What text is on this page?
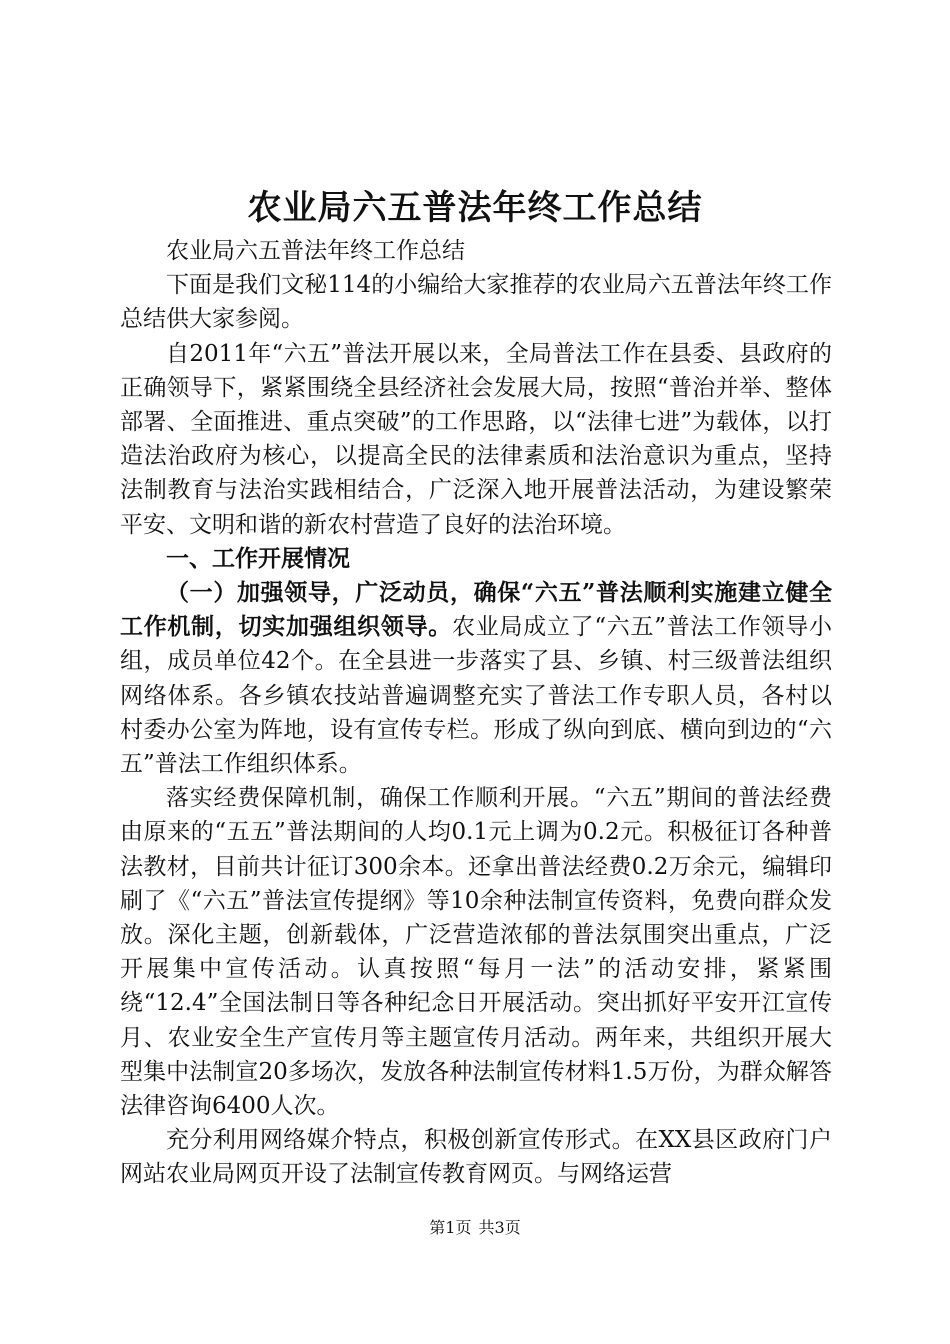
农业局六五普法年终工作总结

农业局六五普法年终工作总结

下面是我们文秘114的小编给大家推荐的农业局六五普法年终工作总结供大家参阅。

自2011年“六五”普法开展以来，全局普法工作在县委、县政府的正确领导下，紧紧围绕全县经济社会发展大局，按照“普治并举、整体部署、全面推进、重点突破”的工作思路，以“法律七进”为载体，以打造法治政府为核心，以提高全民的法律素质和法治意识为重点，坚持法制教育与法治实践相结合，广泛深入地开展普法活动，为建设繁荣平安、文明和谐的新农村营造了良好的法治环境。

一、工作开展情况

（一）加强领导，广泛动员，确保“六五”普法顺利实施建立健全工作机制，切实加强组织领导。农业局成立了“六五”普法工作领导小组，成员单位42个。在全县进一步落实了县、乡镇、村三级普法组织网络体系。各乡镇农技站普遍调整充实了普法工作专职人员，各村以村委办公室为阵地，设有宣传专栏。形成了纵向到底、横向到边的“六五”普法工作组织体系。

落实经费保障机制，确保工作顺利开展。“六五”期间的普法经费由原来的“五五”普法期间的人均0.1元上调为0.2元。积极征订各种普法教材，目前共计征订300余本。还拿出普法经费0.2万余元，编辑印刷了《“六五”普法宣传提纲》等10余种法制宣传资料，免费向群众发放。深化主题，创新载体，广泛营造浓郁的普法氛围突出重点，广泛开展集中宣传活动。认真按照“每月一法”的活动安排，紧紧围绕“12.4”全国法制日等各种纪念日开展活动。突出抓好平安开江宣传月、农业安全生产宣传月等主题宣传月活动。两年来，共组织开展大型集中法制宣20多场次，发放各种法制宣传材料1.5万份，为群众解答法律咨询6400人次。

充分利用网络媒介特点，积极创新宣传形式。在XX县区政府门户网站农业局网页开设了法制宣传教育网页。与网络运营

第1页 共3页
